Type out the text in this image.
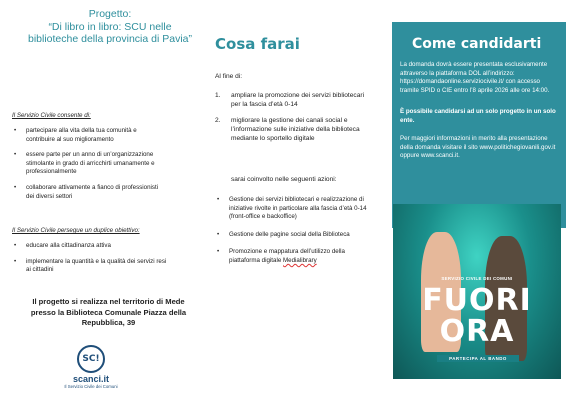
Progetto:
“Di libro in libro: SCU nelle biblioteche della provincia di Pavia”
Il Servizio Civile consente di:
• partecipare alla vita della tua comunità e contribuire al suo miglioramento
• essere parte per un anno di un’organizzazione stimolante in grado di arricchirti umanamente e professionalmente
• collaborare attivamente a fianco di professionisti dei diversi settori
Il Servizio Civile persegue un duplice obiettivo:
• educare alla cittadinanza attiva
• implementare la quantità e la qualità dei servizi resi ai cittadini
Il progetto si realizza nel territorio di Mede presso la Biblioteca Comunale Piazza della Repubblica, 39
SC!
scanci.it
Il Servizio Civile dei Comuni
Cosa farai
Al fine di:
1. ampliare la promozione dei servizi bibliotecari per la fascia d’età 0-14
2. migliorare la gestione dei canali social e l’informazione sulle iniziative della biblioteca mediante lo sportello digitale
sarai coinvolto nelle seguenti azioni:
• Gestione dei servizi bibliotecari e realizzazione di iniziative rivolte in particolare alla fascia d’età 0-14 (front-office e backoffice)
• Gestione delle pagine social della Biblioteca
• Promozione e mappatura dell’utilizzo della piattaforma digitale Medialibrary
Come candidarti
La domanda dovrà essere presentata esclusivamente attraverso la piattaforma DOL all’indirizzo: https://domandaonline.serviziocivile.it/ con accesso tramite SPID o CIE entro l’8 aprile 2026 alle ore 14:00.
È possibile candidarsi ad un solo progetto in un solo ente.
Per maggiori informazioni in merito alla presentazione della domanda visitare il sito www.politichegiovanili.gov.it oppure www.scanci.it.
SERVIZIO CIVILE DEI COMUNI
FUORI
ORA
PARTECIPA AL BANDO
